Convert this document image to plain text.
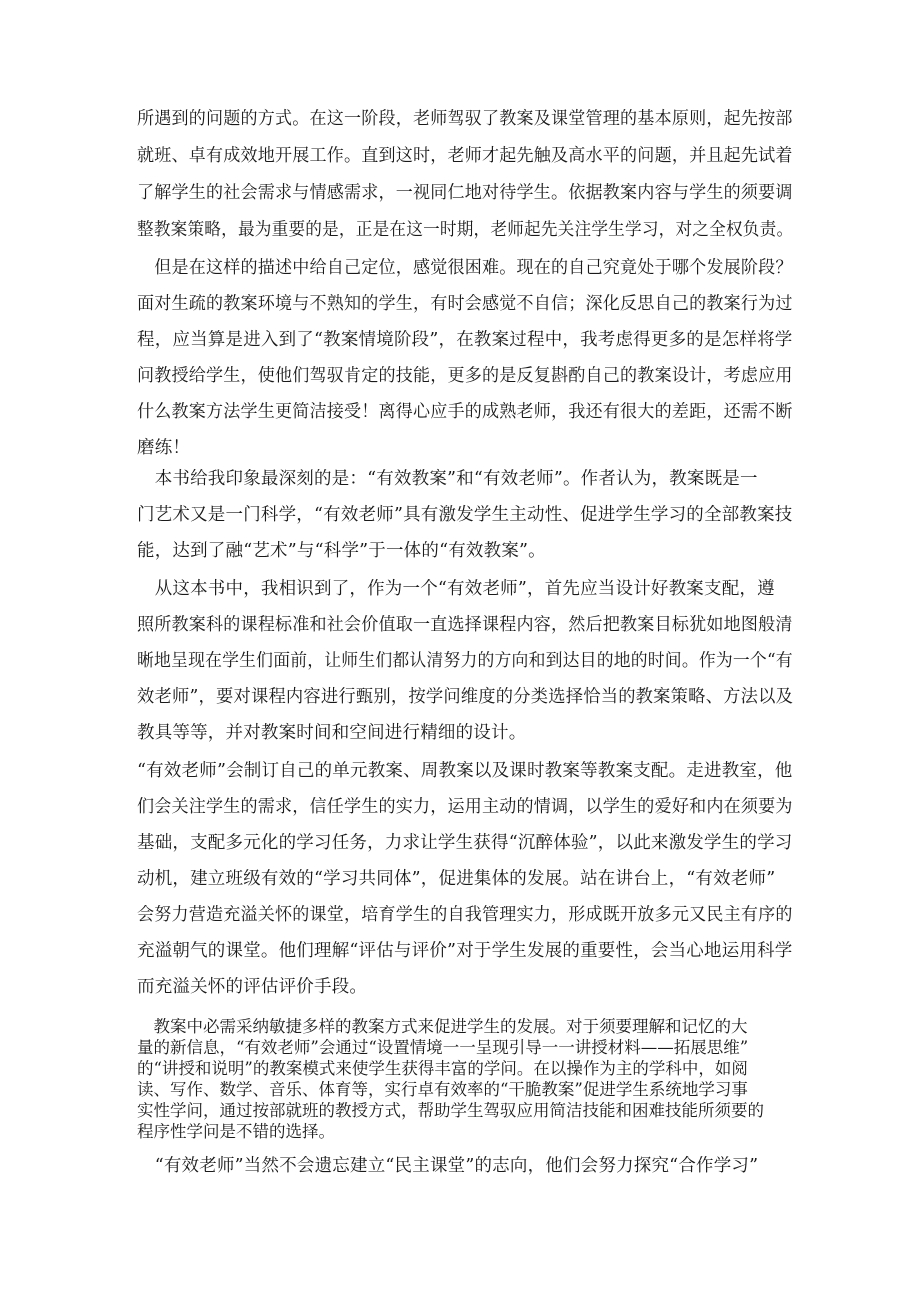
所遇到的问题的方式。在这一阶段，老师驾驭了教案及课堂管理的基本原则，起先按部

就班、卓有成效地开展工作。直到这时，老师才起先触及高水平的问题，并且起先试着

了解学生的社会需求与情感需求，一视同仁地对待学生。依据教案内容与学生的须要调

整教案策略，最为重要的是，正是在这一时期，老师起先关注学生学习，对之全权负责。

　但是在这样的描述中给自己定位，感觉很困难。现在的自己究竟处于哪个发展阶段？

面对生疏的教案环境与不熟知的学生，有时会感觉不自信；深化反思自己的教案行为过

程，应当算是进入到了“教案情境阶段”，在教案过程中，我考虑得更多的是怎样将学

问教授给学生，使他们驾驭肯定的技能，更多的是反复斟酌自己的教案设计，考虑应用

什么教案方法学生更简洁接受！离得心应手的成熟老师，我还有很大的差距，还需不断

磨练！

　本书给我印象最深刻的是：“有效教案”和“有效老师”。作者认为，教案既是一

门艺术又是一门科学，“有效老师”具有激发学生主动性、促进学生学习的全部教案技

能，达到了融“艺术”与“科学”于一体的“有效教案”。

　从这本书中，我相识到了，作为一个“有效老师”，首先应当设计好教案支配，遵

照所教案科的课程标准和社会价值取一直选择课程内容，然后把教案目标犹如地图般清

晰地呈现在学生们面前，让师生们都认清努力的方向和到达目的地的时间。作为一个“有

效老师”，要对课程内容进行甄别，按学问维度的分类选择恰当的教案策略、方法以及

教具等等，并对教案时间和空间进行精细的设计。

“有效老师”会制订自己的单元教案、周教案以及课时教案等教案支配。走进教室，他

们会关注学生的需求，信任学生的实力，运用主动的情调，以学生的爱好和内在须要为

基础，支配多元化的学习任务，力求让学生获得“沉醉体验”，以此来激发学生的学习

动机，建立班级有效的“学习共同体”，促进集体的发展。站在讲台上，“有效老师”

会努力营造充溢关怀的课堂，培育学生的自我管理实力，形成既开放多元又民主有序的

充溢朝气的课堂。他们理解“评估与评价”对于学生发展的重要性，会当心地运用科学

而充溢关怀的评估评价手段。

　教案中必需采纳敏捷多样的教案方式来促进学生的发展。对于须要理解和记忆的大

量的新信息，“有效老师”会通过“设置情境一一呈现引导一一讲授材料——拓展思维”

的“讲授和说明”的教案模式来使学生获得丰富的学问。在以操作为主的学科中，如阅

读、写作、数学、音乐、体育等，实行卓有效率的“干脆教案”促进学生系统地学习事

实性学问，通过按部就班的教授方式，帮助学生驾驭应用简洁技能和困难技能所须要的

程序性学问是不错的选择。

　“有效老师”当然不会遗忘建立“民主课堂”的志向，他们会努力探究“合作学习”
